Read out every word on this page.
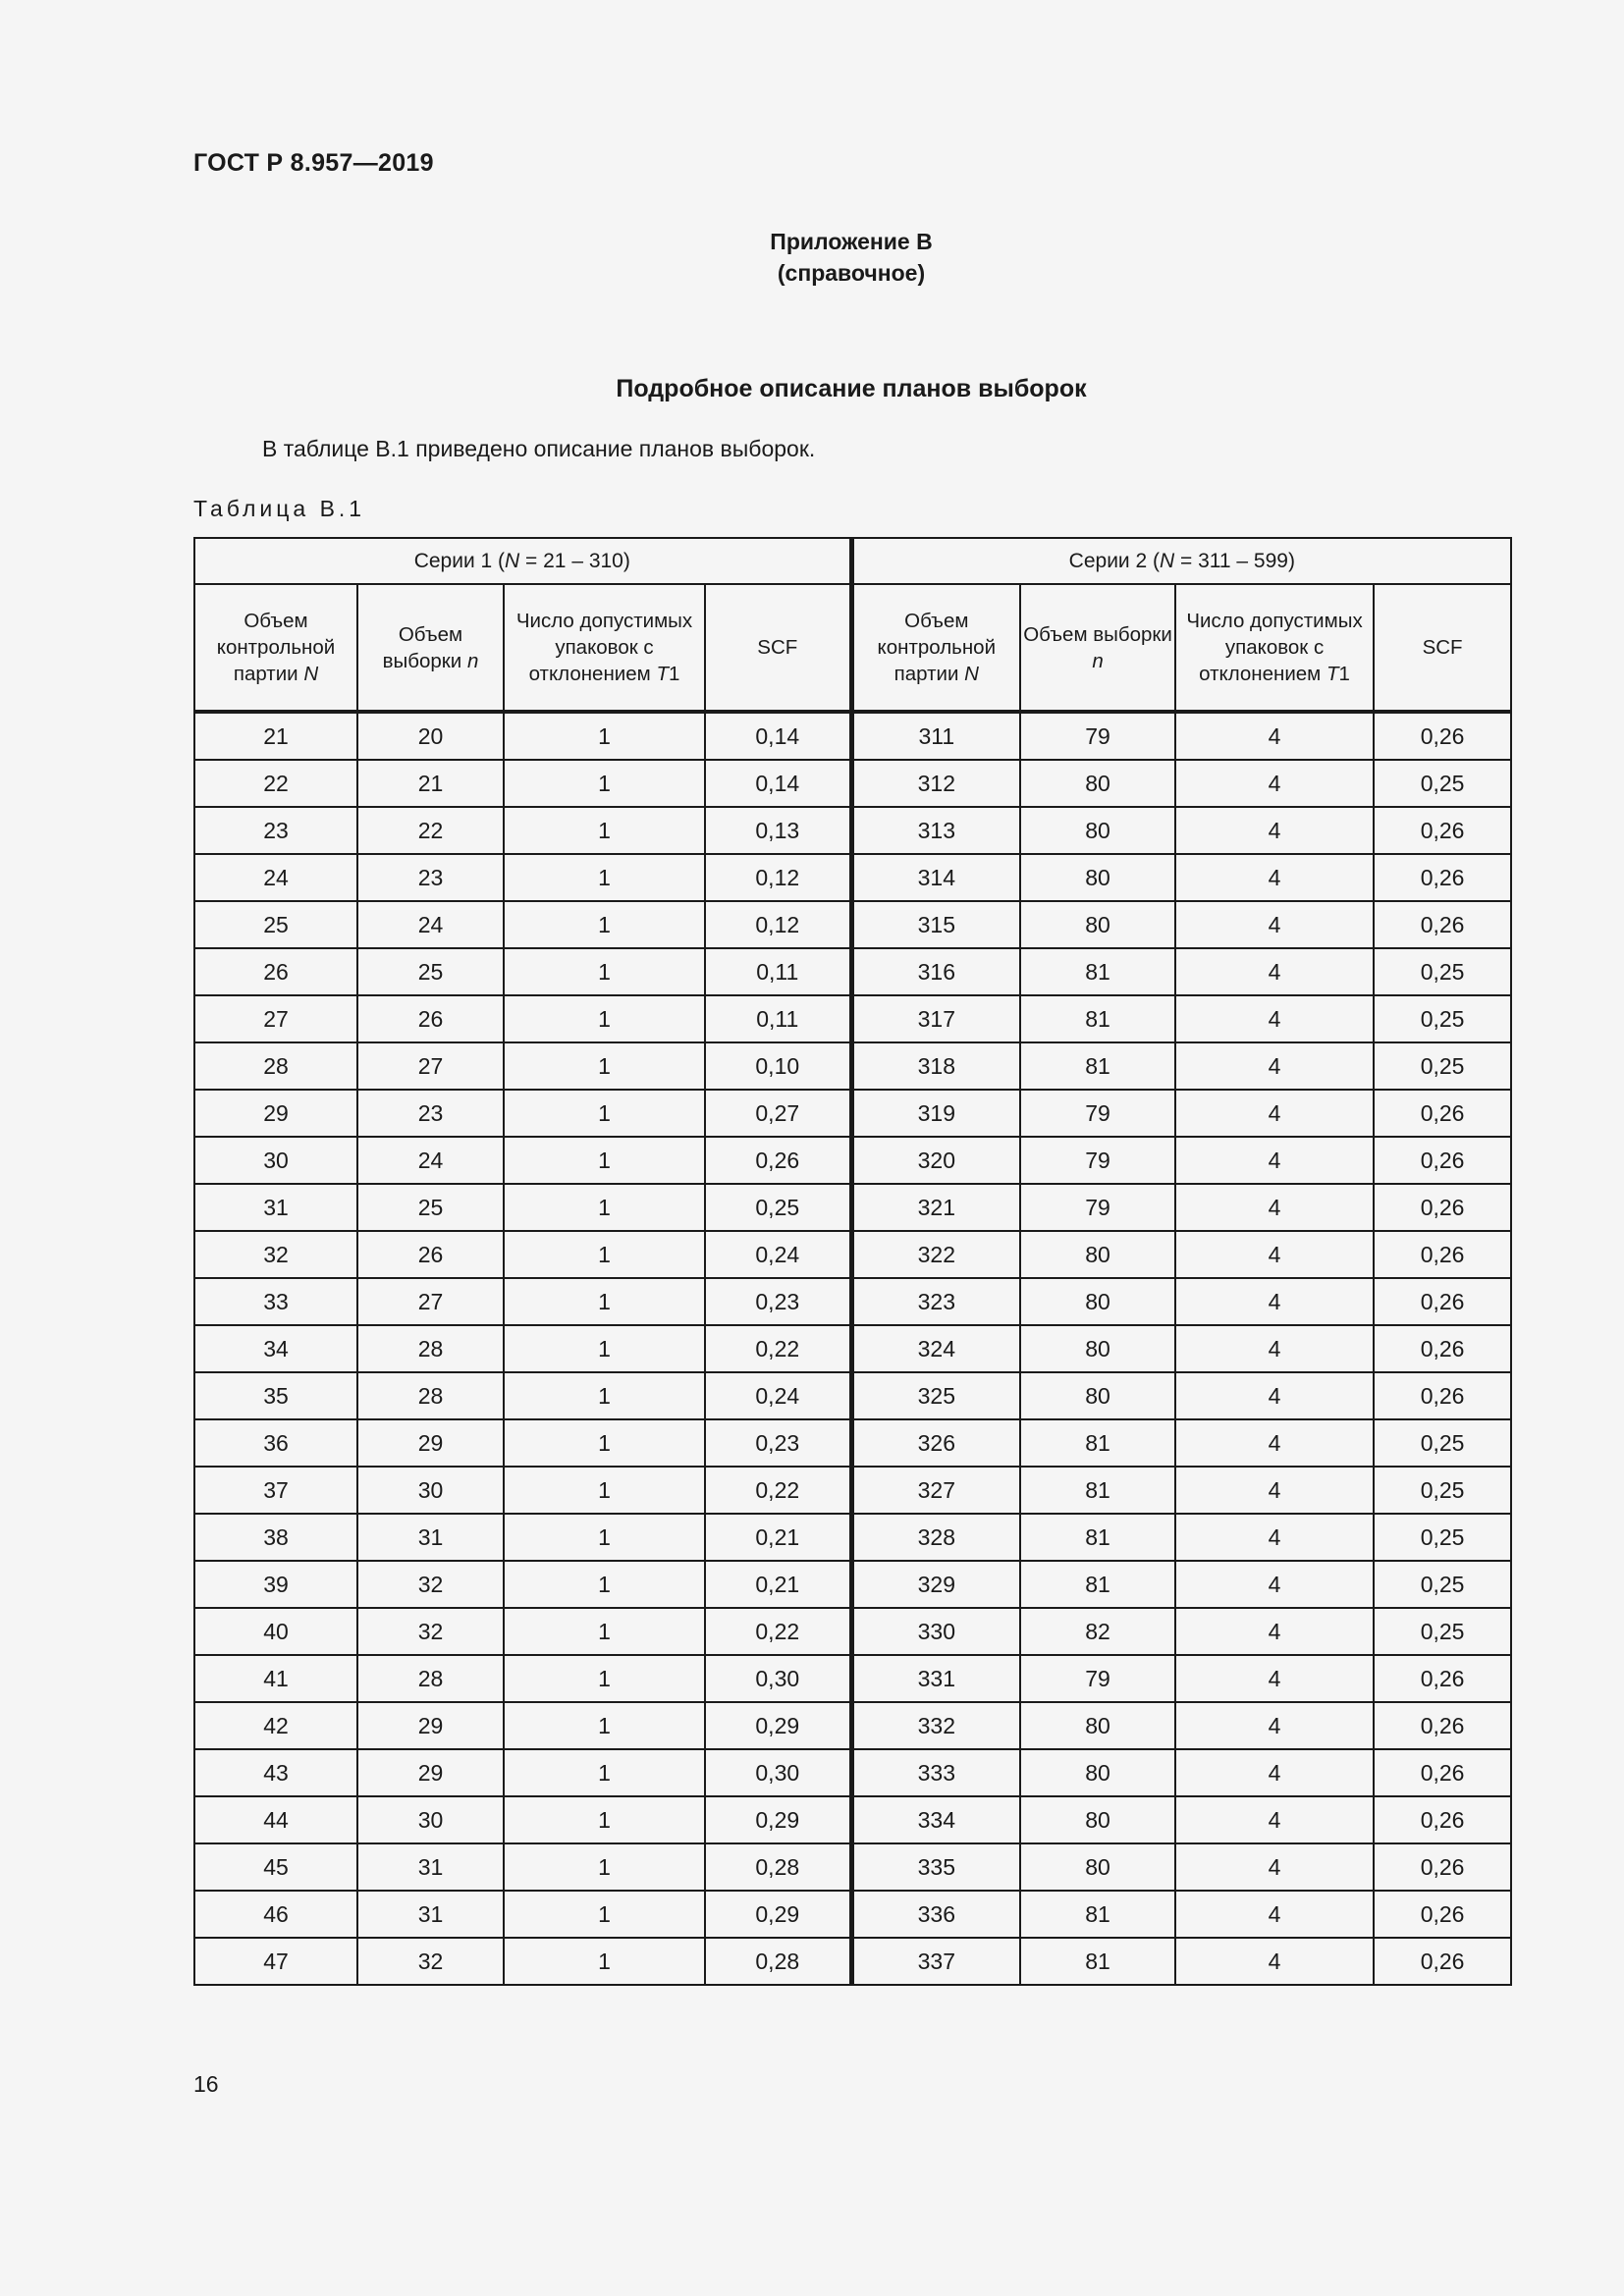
ГОСТ Р 8.957—2019
Приложение В
(справочное)
Подробное описание планов выборок
В таблице В.1 приведено описание планов выборок.
Таблица В.1
Серии 1 (N = 21 – 310)				Серии 2 (N = 311 – 599)			
Объем контрольной партии N	Объем выборки n	Число допустимых упаковок с отклонением T1	SCF	Объем контрольной партии N	Объем выборки n	Число допустимых упаковок с отклонением T1	SCF
21	20	1	0,14	311	79	4	0,26
22	21	1	0,14	312	80	4	0,25
23	22	1	0,13	313	80	4	0,26
24	23	1	0,12	314	80	4	0,26
25	24	1	0,12	315	80	4	0,26
26	25	1	0,11	316	81	4	0,25
27	26	1	0,11	317	81	4	0,25
28	27	1	0,10	318	81	4	0,25
29	23	1	0,27	319	79	4	0,26
30	24	1	0,26	320	79	4	0,26
31	25	1	0,25	321	79	4	0,26
32	26	1	0,24	322	80	4	0,26
33	27	1	0,23	323	80	4	0,26
34	28	1	0,22	324	80	4	0,26
35	28	1	0,24	325	80	4	0,26
36	29	1	0,23	326	81	4	0,25
37	30	1	0,22	327	81	4	0,25
38	31	1	0,21	328	81	4	0,25
39	32	1	0,21	329	81	4	0,25
40	32	1	0,22	330	82	4	0,25
41	28	1	0,30	331	79	4	0,26
42	29	1	0,29	332	80	4	0,26
43	29	1	0,30	333	80	4	0,26
44	30	1	0,29	334	80	4	0,26
45	31	1	0,28	335	80	4	0,26
46	31	1	0,29	336	81	4	0,26
47	32	1	0,28	337	81	4	0,26
16
